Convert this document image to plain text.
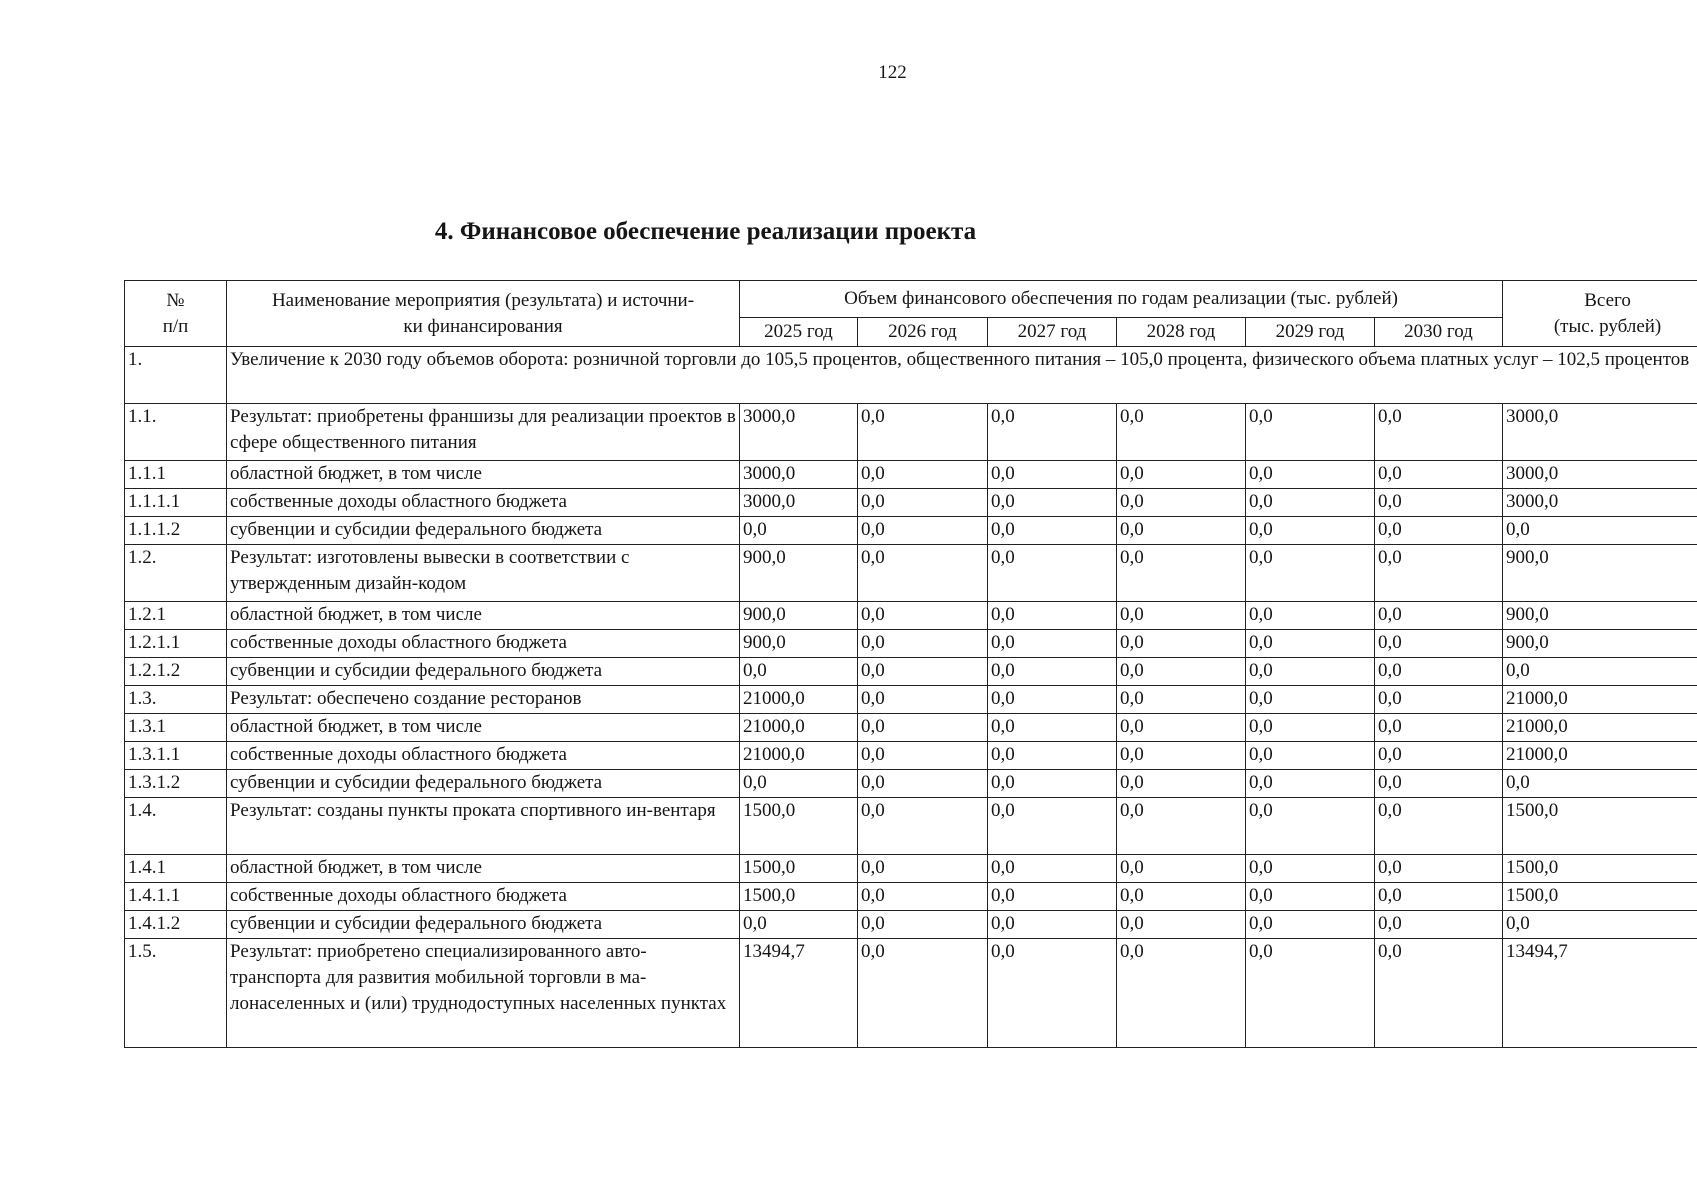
122
4. Финансовое обеспечение реализации проекта
№
п/п	Наименование мероприятия (результата) и источни-
ки финансирования	Объем финансового обеспечения по годам реализации (тыс. рублей)						Всего
(тыс. рублей)
		2025 год	2026 год	2027 год	2028 год	2029 год	2030 год	
1.	Увеличение к 2030 году объемов оборота: розничной торговли до 105,5 процентов, общественного питания – 105,0 процента, физического объема платных услуг – 102,5 процентов							
1.1.	Результат: приобретены франшизы для реализации проектов в сфере общественного питания	3000,0	0,0	0,0	0,0	0,0	0,0	3000,0
1.1.1	областной бюджет, в том числе	3000,0	0,0	0,0	0,0	0,0	0,0	3000,0
1.1.1.1	собственные доходы областного бюджета	3000,0	0,0	0,0	0,0	0,0	0,0	3000,0
1.1.1.2	субвенции и субсидии федерального бюджета	0,0	0,0	0,0	0,0	0,0	0,0	0,0
1.2.	Результат: изготовлены вывески в соответствии с утвержденным дизайн-кодом	900,0	0,0	0,0	0,0	0,0	0,0	900,0
1.2.1	областной бюджет, в том числе	900,0	0,0	0,0	0,0	0,0	0,0	900,0
1.2.1.1	собственные доходы областного бюджета	900,0	0,0	0,0	0,0	0,0	0,0	900,0
1.2.1.2	субвенции и субсидии федерального бюджета	0,0	0,0	0,0	0,0	0,0	0,0	0,0
1.3.	Результат: обеспечено создание ресторанов	21000,0	0,0	0,0	0,0	0,0	0,0	21000,0
1.3.1	областной бюджет, в том числе	21000,0	0,0	0,0	0,0	0,0	0,0	21000,0
1.3.1.1	собственные доходы областного бюджета	21000,0	0,0	0,0	0,0	0,0	0,0	21000,0
1.3.1.2	субвенции и субсидии федерального бюджета	0,0	0,0	0,0	0,0	0,0	0,0	0,0
1.4.	Результат: созданы пункты проката спортивного ин-вентаря	1500,0	0,0	0,0	0,0	0,0	0,0	1500,0
1.4.1	областной бюджет, в том числе	1500,0	0,0	0,0	0,0	0,0	0,0	1500,0
1.4.1.1	собственные доходы областного бюджета	1500,0	0,0	0,0	0,0	0,0	0,0	1500,0
1.4.1.2	субвенции и субсидии федерального бюджета	0,0	0,0	0,0	0,0	0,0	0,0	0,0
1.5.	Результат: приобретено специализированного авто-транспорта для развития мобильной торговли в ма-лонаселенных и (или) труднодоступных населенных пунктах	13494,7	0,0	0,0	0,0	0,0	0,0	13494,7
